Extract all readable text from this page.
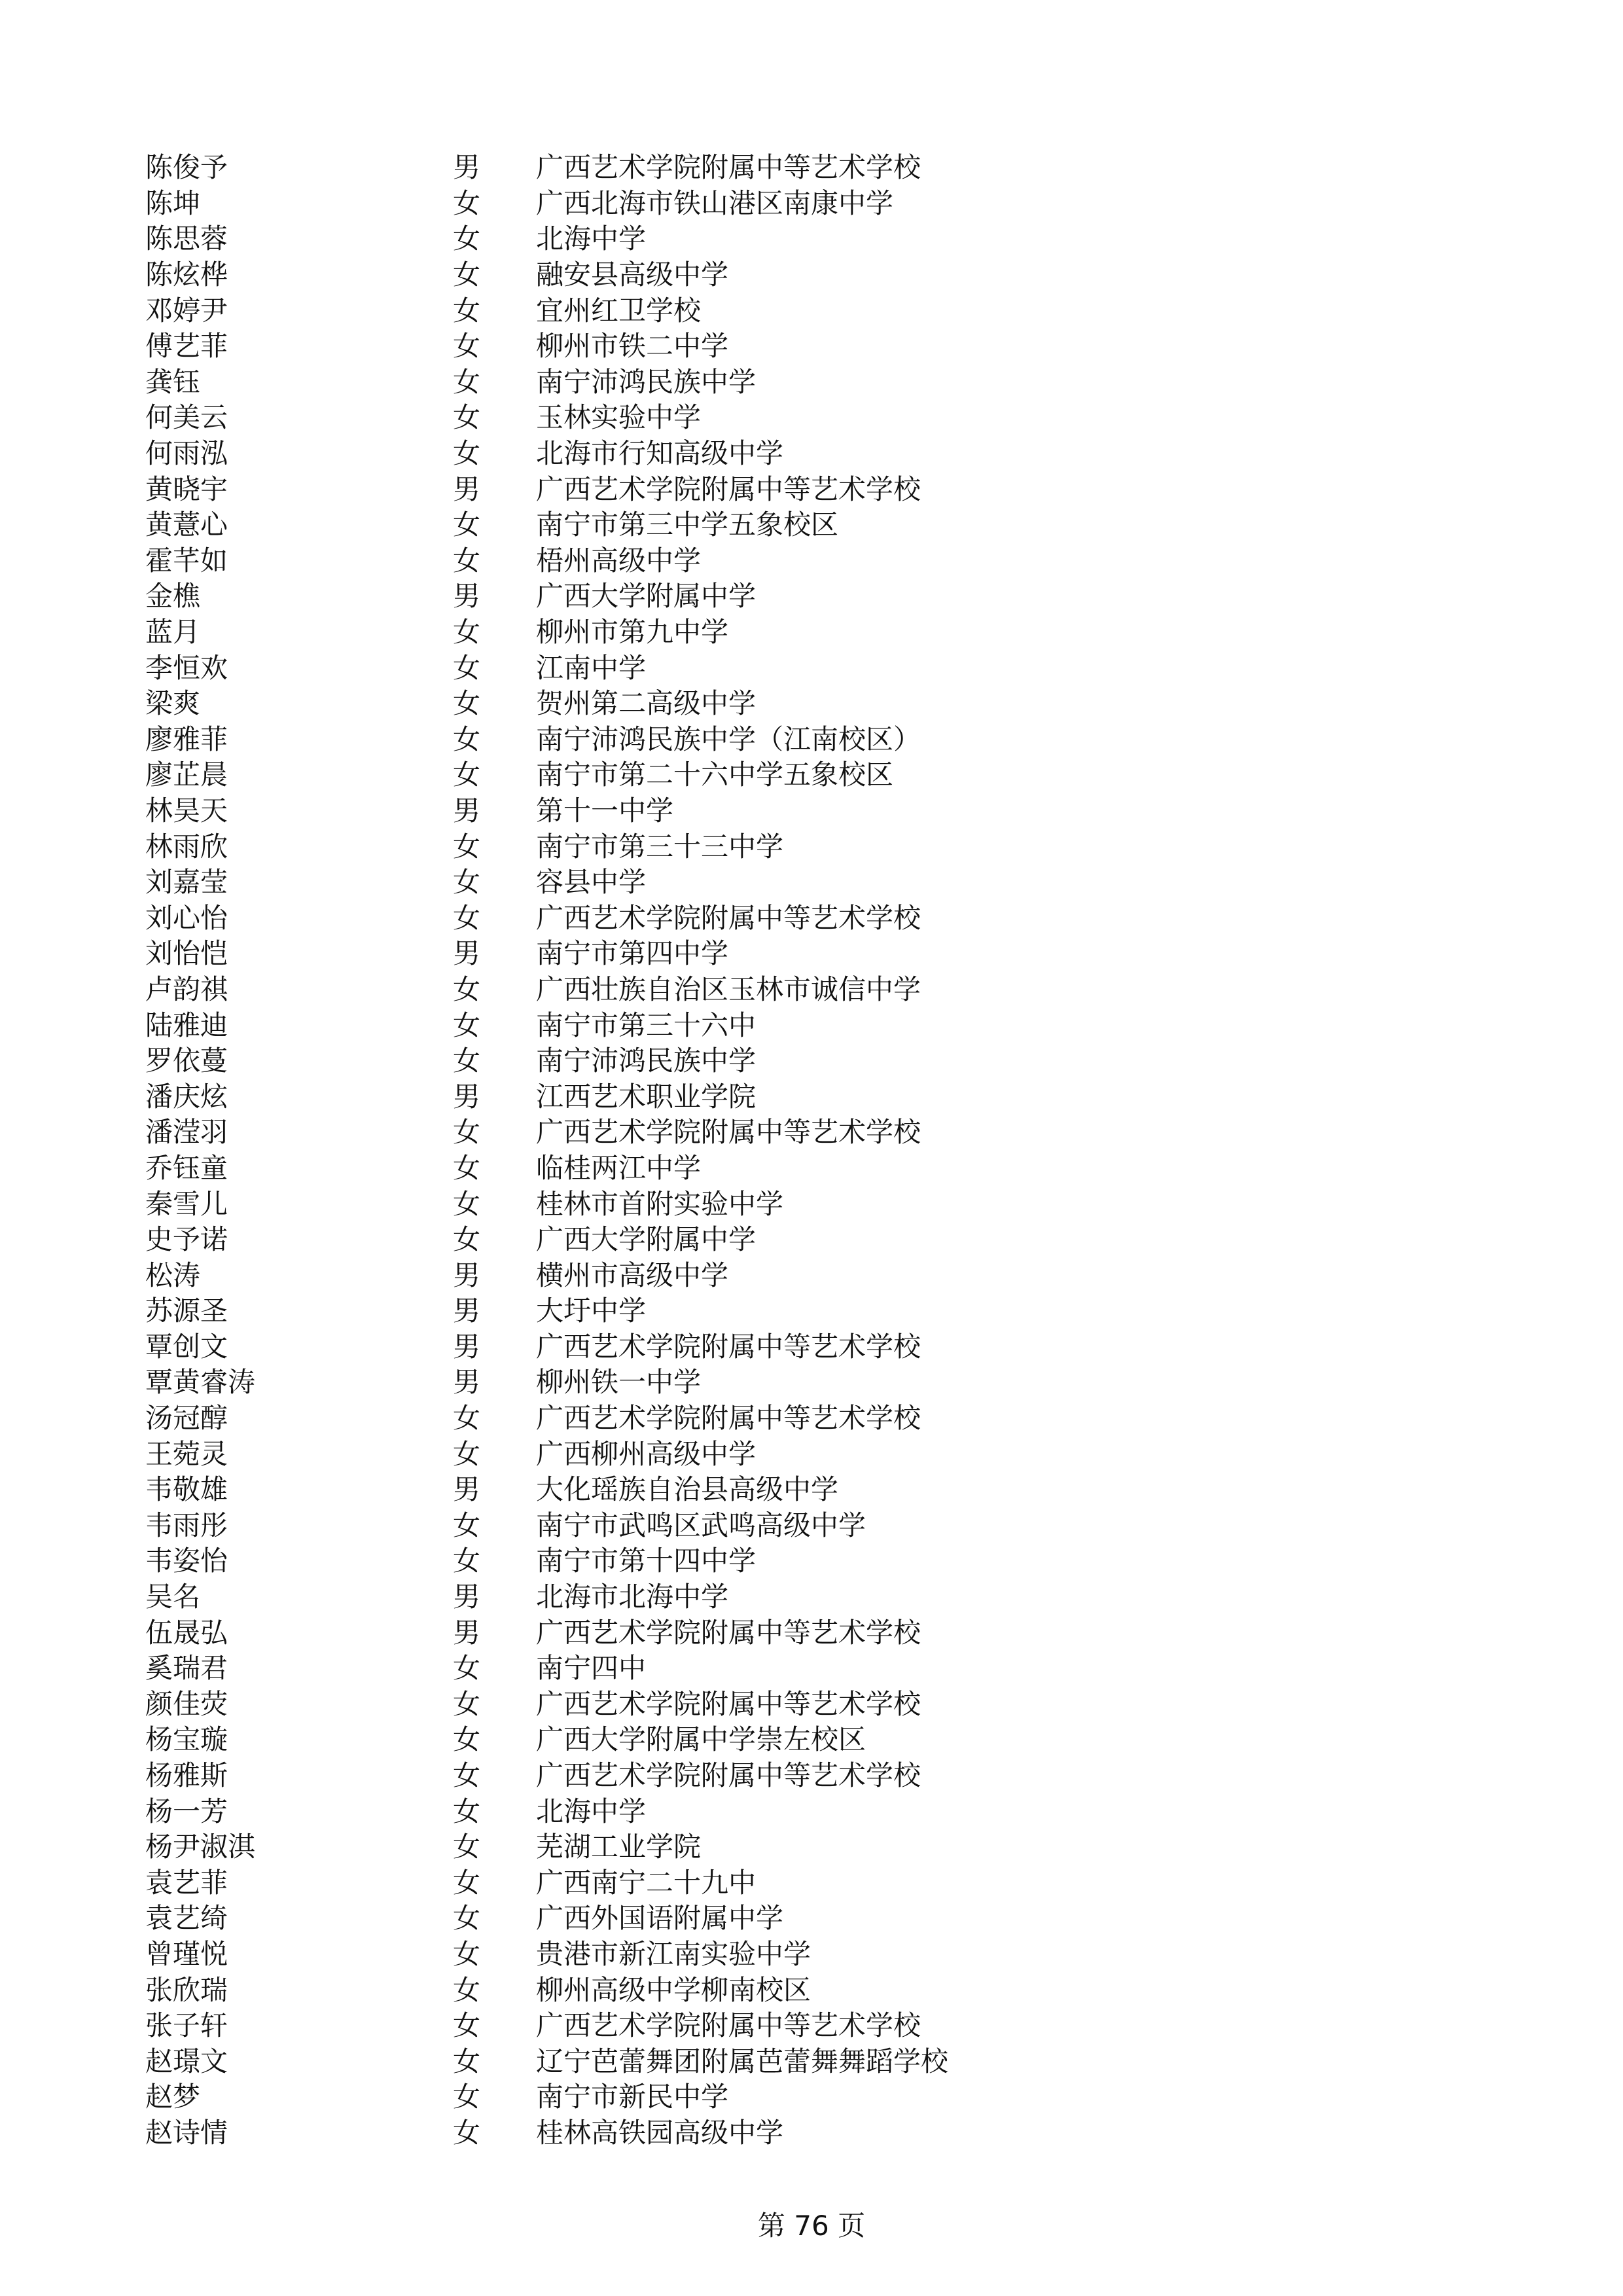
陈俊予	男	广西艺术学院附属中等艺术学校
陈坤	女	广西北海市铁山港区南康中学
陈思蓉	女	北海中学
陈炫桦	女	融安县高级中学
邓婷尹	女	宜州红卫学校
傅艺菲	女	柳州市铁二中学
龚钰	女	南宁沛鸿民族中学
何美云	女	玉林实验中学
何雨泓	女	北海市行知高级中学
黄晓宇	男	广西艺术学院附属中等艺术学校
黄薏心	女	南宁市第三中学五象校区
霍芊如	女	梧州高级中学
金樵	男	广西大学附属中学
蓝月	女	柳州市第九中学
李恒欢	女	江南中学
梁爽	女	贺州第二高级中学
廖雅菲	女	南宁沛鸿民族中学（江南校区）
廖芷晨	女	南宁市第二十六中学五象校区
林昊天	男	第十一中学
林雨欣	女	南宁市第三十三中学
刘嘉莹	女	容县中学
刘心怡	女	广西艺术学院附属中等艺术学校
刘怡恺	男	南宁市第四中学
卢韵祺	女	广西壮族自治区玉林市诚信中学
陆雅迪	女	南宁市第三十六中
罗依蔓	女	南宁沛鸿民族中学
潘庆炫	男	江西艺术职业学院
潘滢羽	女	广西艺术学院附属中等艺术学校
乔钰童	女	临桂两江中学
秦雪儿	女	桂林市首附实验中学
史予诺	女	广西大学附属中学
松涛	男	横州市高级中学
苏源圣	男	大圩中学
覃创文	男	广西艺术学院附属中等艺术学校
覃黄睿涛	男	柳州铁一中学
汤冠醇	女	广西艺术学院附属中等艺术学校
王菀灵	女	广西柳州高级中学
韦敬雄	男	大化瑶族自治县高级中学
韦雨彤	女	南宁市武鸣区武鸣高级中学
韦姿怡	女	南宁市第十四中学
吴名	男	北海市北海中学
伍晟弘	男	广西艺术学院附属中等艺术学校
奚瑞君	女	南宁四中
颜佳荧	女	广西艺术学院附属中等艺术学校
杨宝璇	女	广西大学附属中学崇左校区
杨雅斯	女	广西艺术学院附属中等艺术学校
杨一芳	女	北海中学
杨尹淑淇	女	芜湖工业学院
袁艺菲	女	广西南宁二十九中
袁艺绮	女	广西外国语附属中学
曾瑾悦	女	贵港市新江南实验中学
张欣瑞	女	柳州高级中学柳南校区
张子轩	女	广西艺术学院附属中等艺术学校
赵璟文	女	辽宁芭蕾舞团附属芭蕾舞舞蹈学校
赵梦	女	南宁市新民中学
赵诗情	女	桂林高铁园高级中学
第 76 页
